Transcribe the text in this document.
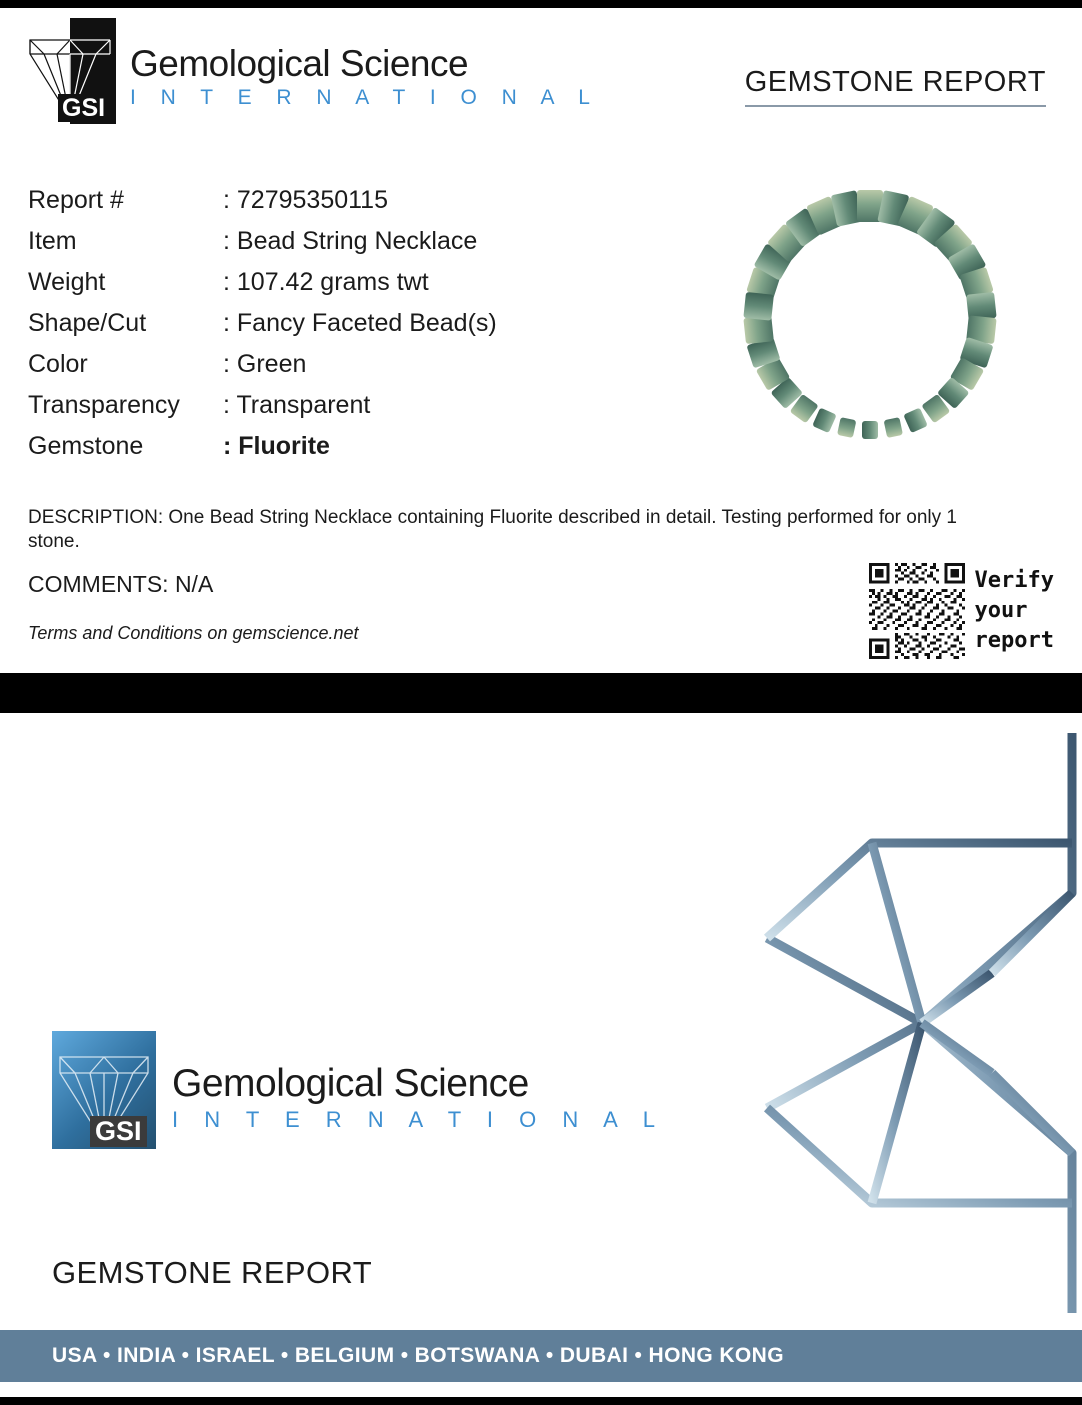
GSI
Gemological Science
I N T E R N A T I O N A L	GEMSTONE REPORT
Report #	: 72795350115
Item	: Bead String Necklace
Weight	: 107.42 grams twt
Shape/Cut	: Fancy Faceted Bead(s)
Color	: Green
Transparency	: Transparent
Gemstone	: Fluorite
DESCRIPTION: One Bead String Necklace containing Fluorite described in detail. Testing performed for only 1 stone.
COMMENTS: N/A
Terms and Conditions on gemscience.net
Verify
your
report
GSI
Gemological Science
I N T E R N A T I O N A L
GEMSTONE REPORT
USA • INDIA • ISRAEL • BELGIUM • BOTSWANA • DUBAI • HONG KONG
